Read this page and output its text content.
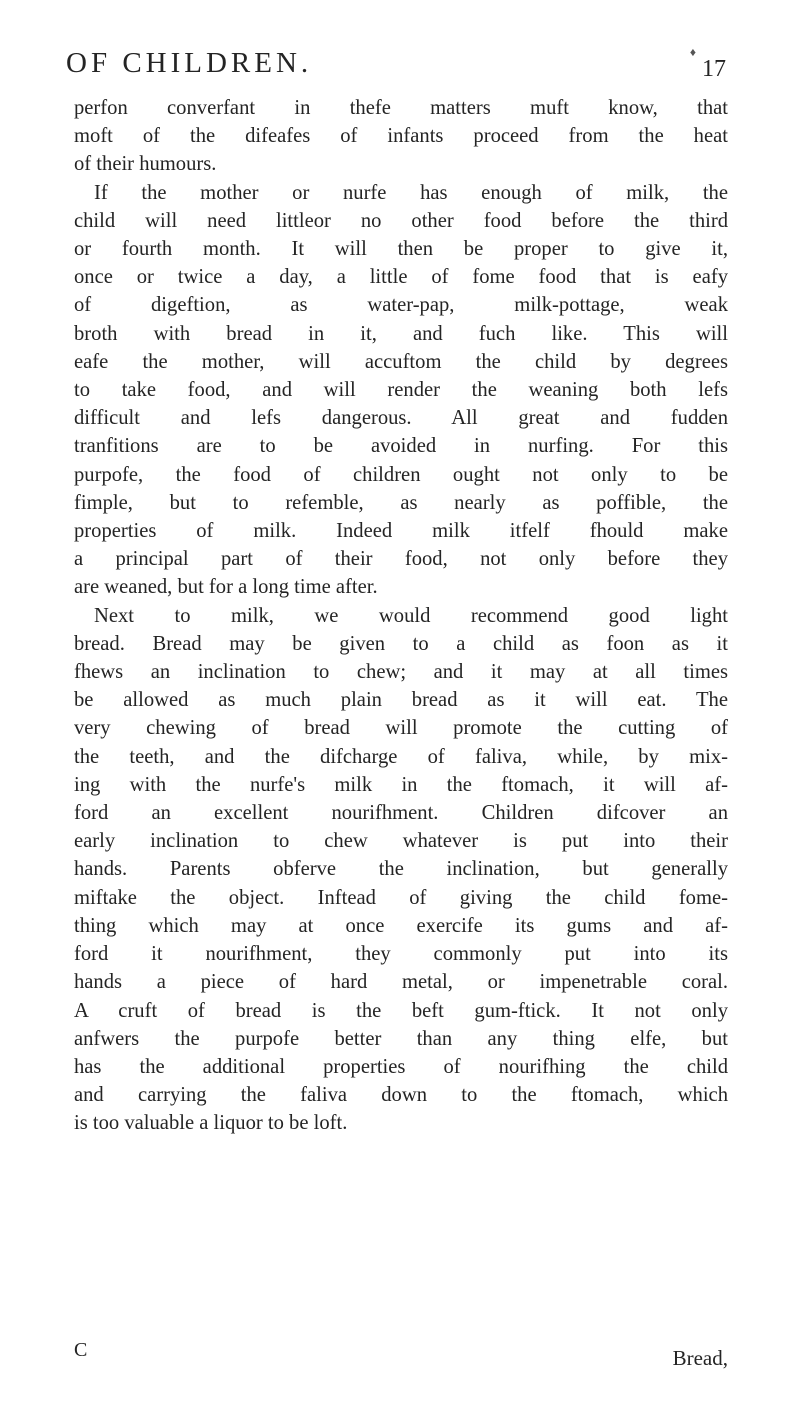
OF CHILDREN.	♦
17
perfon converfant in thefe matters muft know, that
moft of the difeafes of infants proceed from the heat
of their humours.
If the mother or nurfe has enough of milk, the
child will need littleor no other food before the third
or fourth month. It will then be proper to give it,
once or twice a day, a little of fome food that is eafy
of digeftion, as water-pap, milk-pottage, weak
broth with bread in it, and fuch like. This will
eafe the mother, will accuftom the child by degrees
to take food, and will render the weaning both lefs
difficult and lefs dangerous. All great and fudden
tranfitions are to be avoided in nurfing. For this
purpofe, the food of children ought not only to be
fimple, but to refemble, as nearly as poffible, the
properties of milk. Indeed milk itfelf fhould make
a principal part of their food, not only before they
are weaned, but for a long time after.
Next to milk, we would recommend good light
bread. Bread may be given to a child as foon as it
fhews an inclination to chew; and it may at all times
be allowed as much plain bread as it will eat. The
very chewing of bread will promote the cutting of
the teeth, and the difcharge of faliva, while, by mix-
ing with the nurfe's milk in the ftomach, it will af-
ford an excellent nourifhment. Children difcover an
early inclination to chew whatever is put into their
hands. Parents obferve the inclination, but generally
miftake the object. Inftead of giving the child fome-
thing which may at once exercife its gums and af-
ford it nourifhment, they commonly put into its
hands a piece of hard metal, or impenetrable coral.
A cruft of bread is the beft gum-ftick. It not only
anfwers the purpofe better than any thing elfe, but
has the additional properties of nourifhing the child
and carrying the faliva down to the ftomach, which
is too valuable a liquor to be loft.
C	Bread,
